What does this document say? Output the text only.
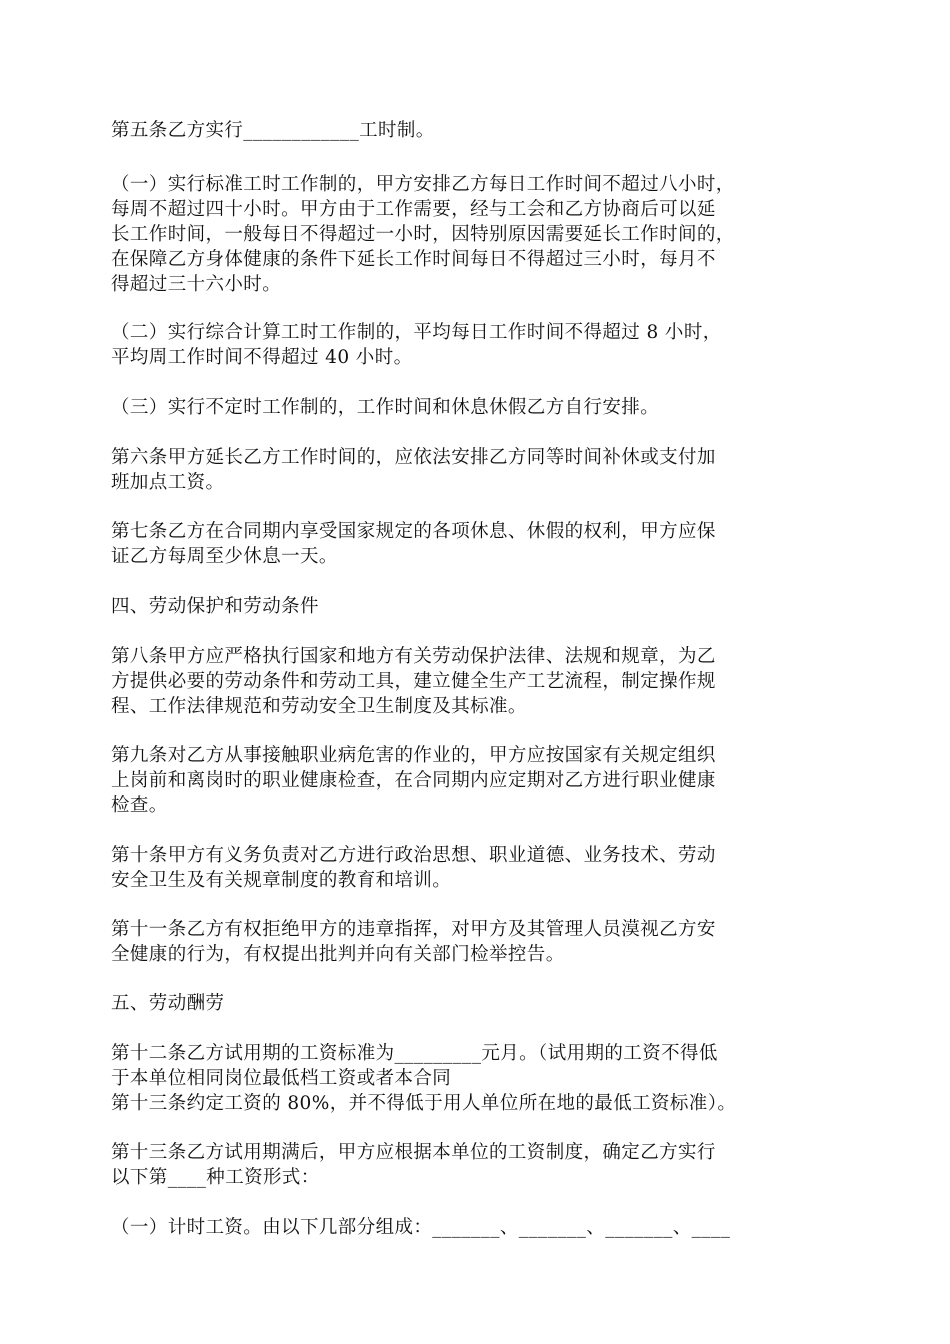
第五条乙方实行____________工时制。
（一）实行标准工时工作制的，甲方安排乙方每日工作时间不超过八小时，
每周不超过四十小时。甲方由于工作需要，经与工会和乙方协商后可以延
长工作时间，一般每日不得超过一小时，因特别原因需要延长工作时间的，
在保障乙方身体健康的条件下延长工作时间每日不得超过三小时，每月不
得超过三十六小时。
（二）实行综合计算工时工作制的，平均每日工作时间不得超过 8 小时，
平均周工作时间不得超过 40 小时。
（三）实行不定时工作制的，工作时间和休息休假乙方自行安排。
第六条甲方延长乙方工作时间的，应依法安排乙方同等时间补休或支付加
班加点工资。
第七条乙方在合同期内享受国家规定的各项休息、休假的权利，甲方应保
证乙方每周至少休息一天。
四、劳动保护和劳动条件
第八条甲方应严格执行国家和地方有关劳动保护法律、法规和规章，为乙
方提供必要的劳动条件和劳动工具，建立健全生产工艺流程，制定操作规
程、工作法律规范和劳动安全卫生制度及其标准。
第九条对乙方从事接触职业病危害的作业的，甲方应按国家有关规定组织
上岗前和离岗时的职业健康检查，在合同期内应定期对乙方进行职业健康
检查。
第十条甲方有义务负责对乙方进行政治思想、职业道德、业务技术、劳动
安全卫生及有关规章制度的教育和培训。
第十一条乙方有权拒绝甲方的违章指挥，对甲方及其管理人员漠视乙方安
全健康的行为，有权提出批判并向有关部门检举控告。
五、劳动酬劳
第十二条乙方试用期的工资标准为_________元月。（试用期的工资不得低
于本单位相同岗位最低档工资或者本合同
第十三条约定工资的 80%，并不得低于用人单位所在地的最低工资标准）。
第十三条乙方试用期满后，甲方应根据本单位的工资制度，确定乙方实行
以下第____种工资形式：
（一）计时工资。由以下几部分组成：_______、_______、_______、____
